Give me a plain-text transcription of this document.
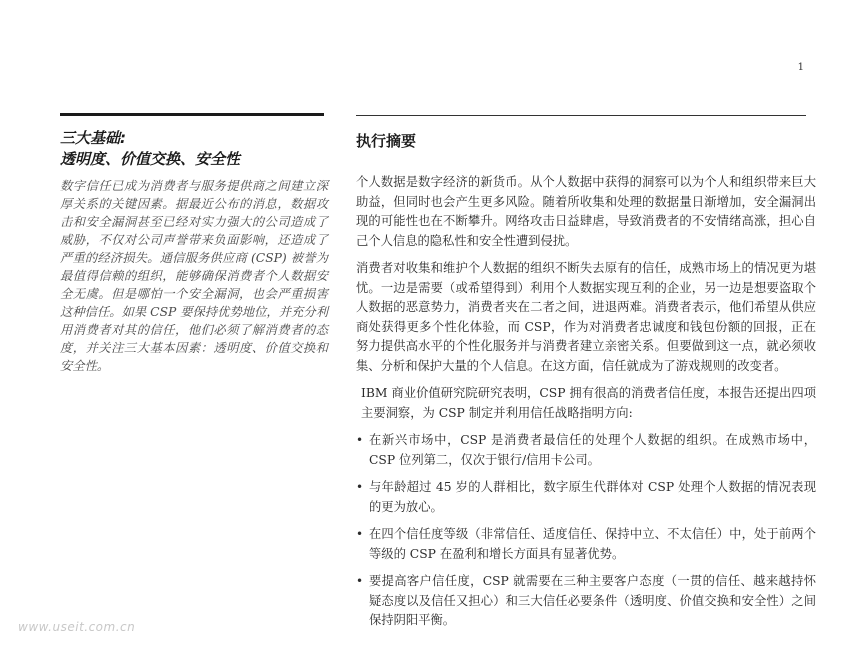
1
三大基础:
透明度、价值交换、安全性
数字信任已成为消费者与服务提供商之间建立深厚关系的关键因素。据最近公布的消息，数据攻击和安全漏洞甚至已经对实力强大的公司造成了威胁，不仅对公司声誉带来负面影响，还造成了严重的经济损失。通信服务供应商 (CSP) 被誉为最值得信赖的组织，能够确保消费者个人数据安全无虞。但是哪怕一个安全漏洞，也会严重损害这种信任。如果 CSP 要保持优势地位，并充分利用消费者对其的信任，他们必须了解消费者的态度，并关注三大基本因素：透明度、价值交换和安全性。
执行摘要

个人数据是数字经济的新货币。从个人数据中获得的洞察可以为个人和组织带来巨大助益，但同时也会产生更多风险。随着所收集和处理的数据量日渐增加，安全漏洞出现的可能性也在不断攀升。网络攻击日益肆虐，导致消费者的不安情绪高涨，担心自己个人信息的隐私性和安全性遭到侵扰。

消费者对收集和维护个人数据的组织不断失去原有的信任，成熟市场上的情况更为堪忧。一边是需要（或希望得到）利用个人数据实现互利的企业，另一边是想要盗取个人数据的恶意势力，消费者夹在二者之间，进退两难。消费者表示，他们希望从供应商处获得更多个性化体验，而 CSP，作为对消费者忠诚度和钱包份额的回报，正在努力提供高水平的个性化服务并与消费者建立亲密关系。但要做到这一点，就必须收集、分析和保护大量的个人信息。在这方面，信任就成为了游戏规则的改变者。

IBM 商业价值研究院研究表明，CSP 拥有很高的消费者信任度，本报告还提出四项主要洞察，为 CSP 制定并利用信任战略指明方向:

• 在新兴市场中，CSP 是消费者最信任的处理个人数据的组织。在成熟市场中，CSP 位列第二，仅次于银行/信用卡公司。
• 与年龄超过 45 岁的人群相比，数字原生代群体对 CSP 处理个人数据的情况表现的更为放心。
• 在四个信任度等级（非常信任、适度信任、保持中立、不太信任）中，处于前两个等级的 CSP 在盈利和增长方面具有显著优势。
• 要提高客户信任度，CSP 就需要在三种主要客户态度（一贯的信任、越来越持怀疑态度以及信任又担心）和三大信任必要条件（透明度、价值交换和安全性）之间保持阴阳平衡。
www.useit.com.cn
